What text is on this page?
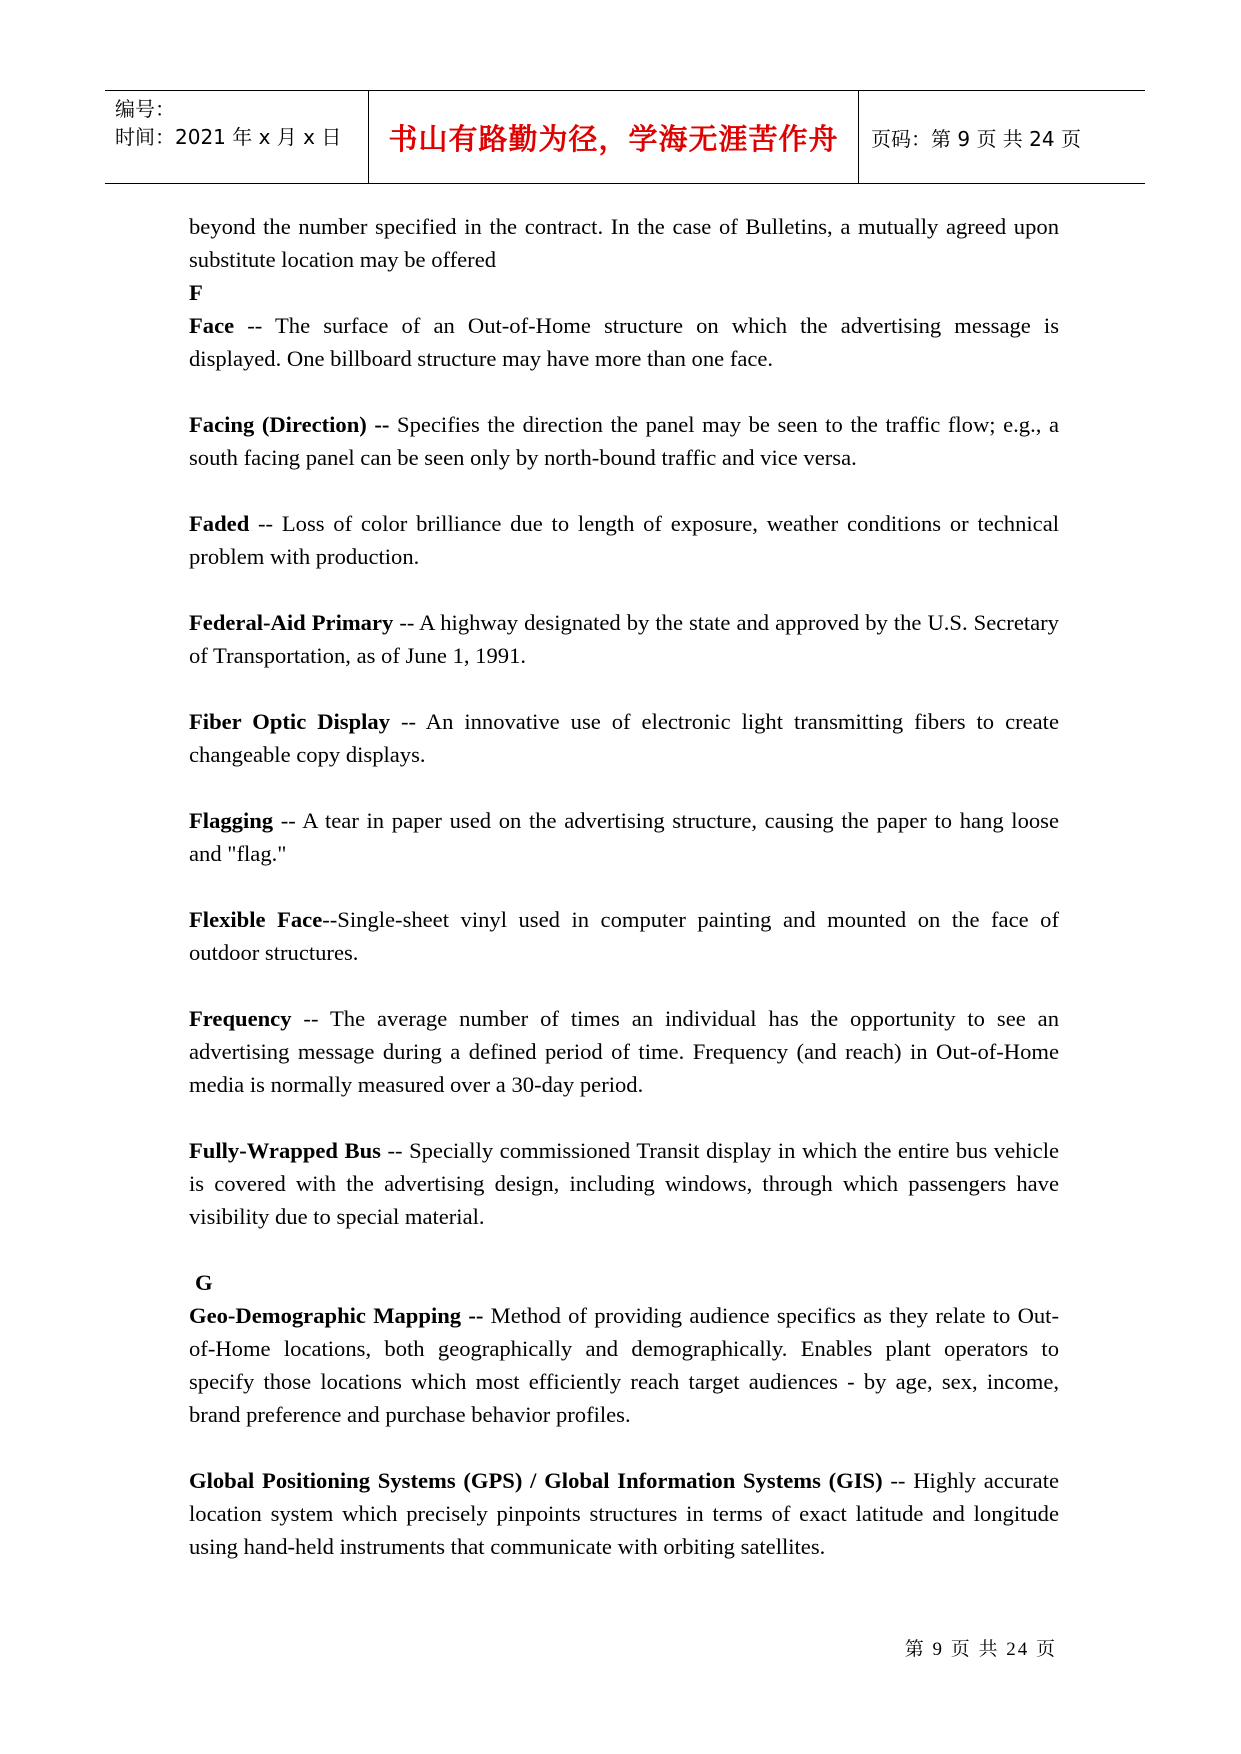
编号：
时间：2021 年 x 月 x 日 书山有路勤为径，学海无涯苦作舟	页码：第 9 页 共 24 页

beyond the number specified in the contract. In the case of Bulletins, a mutually agreed upon substitute location may be offered

F

Face -- The surface of an Out-of-Home structure on which the advertising message is displayed. One billboard structure may have more than one face.

Facing (Direction) -- Specifies the direction the panel may be seen to the traffic flow; e.g., a south facing panel can be seen only by north-bound traffic and vice versa.

Faded -- Loss of color brilliance due to length of exposure, weather conditions or technical problem with production.

Federal-Aid Primary -- A highway designated by the state and approved by the U.S. Secretary of Transportation, as of June 1, 1991.

Fiber Optic Display -- An innovative use of electronic light transmitting fibers to create changeable copy displays.

Flagging -- A tear in paper used on the advertising structure, causing the paper to hang loose and "flag."

Flexible Face--Single-sheet vinyl used in computer painting and mounted on the face of outdoor structures.

Frequency -- The average number of times an individual has the opportunity to see an advertising message during a defined period of time. Frequency (and reach) in Out-of-Home media is normally measured over a 30-day period.

Fully-Wrapped Bus -- Specially commissioned Transit display in which the entire bus vehicle is covered with the advertising design, including windows, through which passengers have visibility due to special material.

G

Geo-Demographic Mapping -- Method of providing audience specifics as they relate to Out-of-Home locations, both geographically and demographically. Enables plant operators to specify those locations which most efficiently reach target audiences - by age, sex, income, brand preference and purchase behavior profiles.

Global Positioning Systems (GPS) / Global Information Systems (GIS) -- Highly accurate location system which precisely pinpoints structures in terms of exact latitude and longitude using hand-held instruments that communicate with orbiting satellites.

第 9 页 共 24 页
